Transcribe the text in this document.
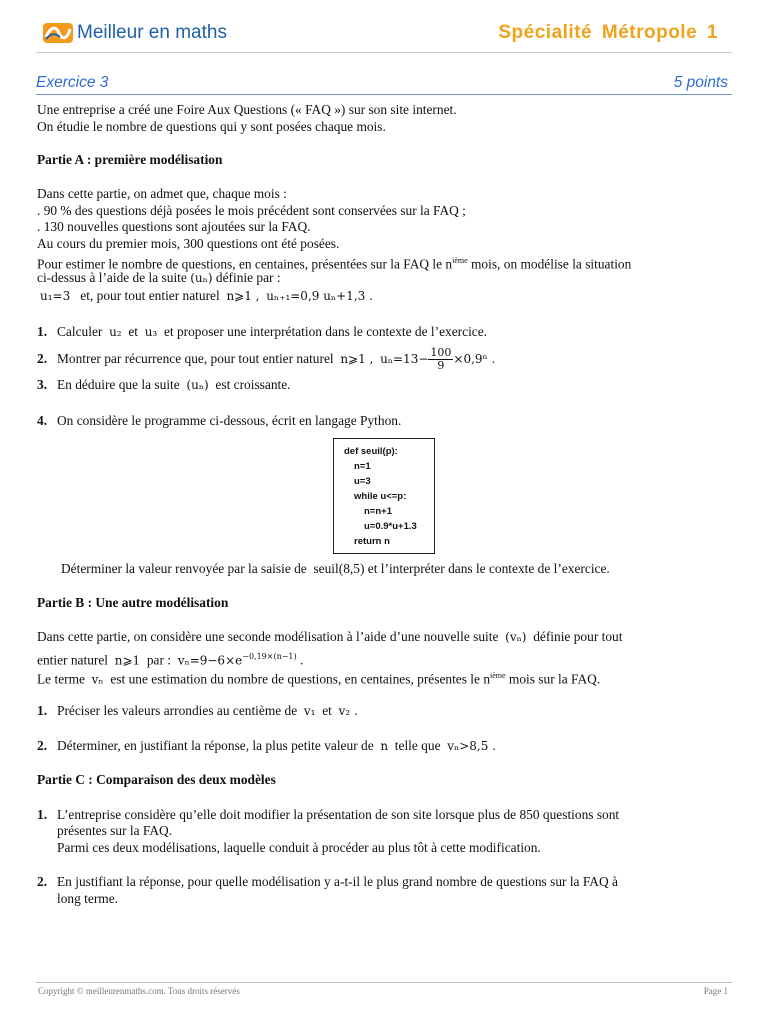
Meilleur en maths	Spécialité Métropole 1
Exercice 3	5 points
Une entreprise a créé une Foire Aux Questions (« FAQ ») sur son site internet.
On étudie le nombre de questions qui y sont posées chaque mois.
Partie A : première modélisation
Dans cette partie, on admet que, chaque mois :
. 90 % des questions déjà posées le mois précédent sont conservées sur la FAQ ;
. 130 nouvelles questions sont ajoutées sur la FAQ.
Au cours du premier mois, 300 questions ont été posées.
Pour estimer le nombre de questions, en centaines, présentées sur la FAQ le $n^{ième}$ mois, on modélise la situation
ci-dessus à l’aide de la suite (uₙ) définie par :
u₁=3 et, pour tout entier naturel n⩾1 , uₙ₊₁=0,9 uₙ+1,3 .
1. Calculer u₂ et u₃ et proposer une interprétation dans le contexte de l’exercice.
2. Montrer par récurrence que, pour tout entier naturel n⩾1 , $u_n=13- \frac{100}{9} \times 0,9^n$ .
3. En déduire que la suite (uₙ) est croissante.
4. On considère le programme ci-dessous, écrit en langage Python.
def seuil(p):
n=1
u=3
while u<=p:
n=n+1
u=0.9*u+1.3
return n
Déterminer la valeur renvoyée par la saisie de seuil(8,5) et l’interpréter dans le contexte de l’exercice.
Partie B : Une autre modélisation
Dans cette partie, on considère une seconde modélisation à l’aide d’une nouvelle suite (vₙ) définie pour tout
entier naturel n⩾1 par : $v_n=9-6\times e^{-0,19\times(n-1)}$ .
Le terme vₙ est une estimation du nombre de questions, en centaines, présentes le $n^{ième}$ mois sur la FAQ.
1. Préciser les valeurs arrondies au centième de v₁ et v₂ .
2. Déterminer, en justifiant la réponse, la plus petite valeur de n telle que vₙ>8,5 .
Partie C : Comparaison des deux modèles
1. L’entreprise considère qu’elle doit modifier la présentation de son site lorsque plus de 850 questions sont
présentes sur la FAQ.
Parmi ces deux modélisations, laquelle conduit à procéder au plus tôt à cette modification.
2. En justifiant la réponse, pour quelle modélisation y a-t-il le plus grand nombre de questions sur la FAQ à
long terme.
Copyright © meilleurenmaths.com. Tous droits réservés	Page 1
